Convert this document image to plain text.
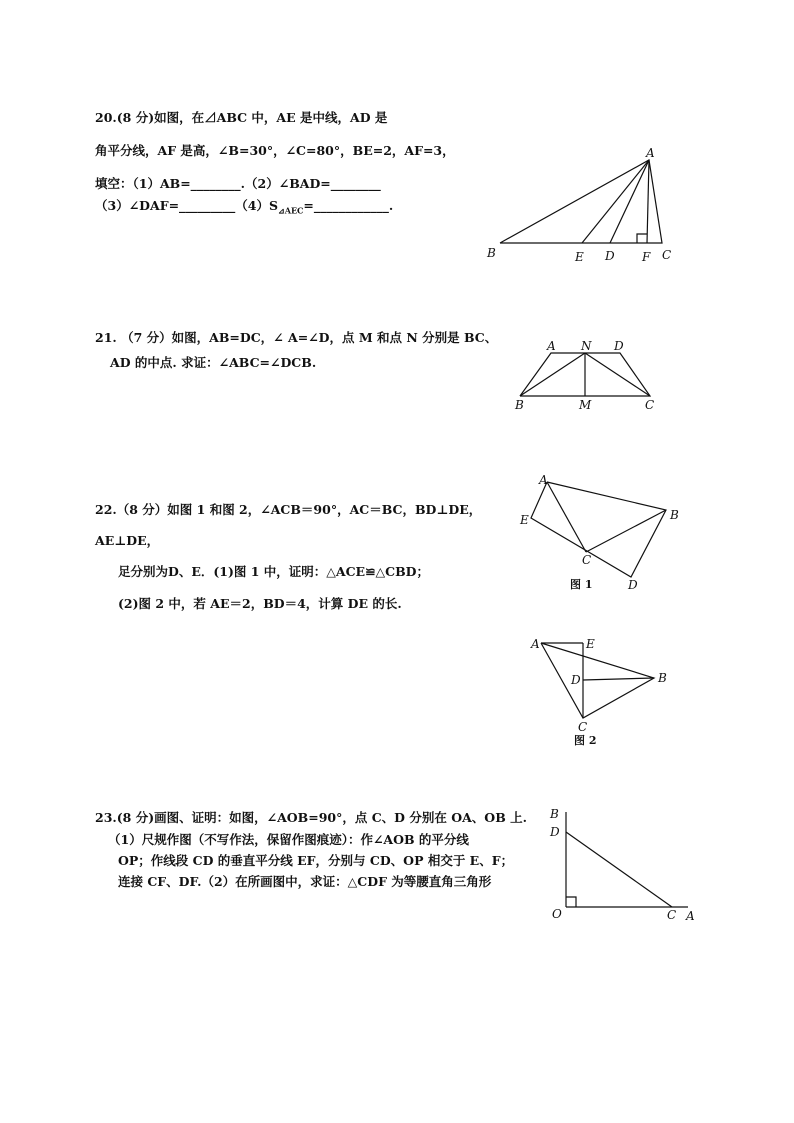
20.(8 分)如图，在⊿ABC 中，AE 是中线，AD 是
角平分线，AF 是高，∠B=30°，∠C=80°，BE=2，AF=3，
填空：（1）AB=________.（2）∠BAD=________
$(3)\angle DAF=\_\_\_\_\_\_\_\_\_(4)S_{⊿AEC}=\_\_\_\_\_\_\_\_\_\_\_\_$.
A
B	E D F C
21. （7 分）如图，AB=DC，∠ A=∠D，点 M 和点 N 分别是 BC、
AD 的中点. 求证：∠ABC=∠DCB.
A N D
B	M	C
22.（8 分）如图 1 和图 2，∠ACB＝90°，AC＝BC，BD⊥DE，
AE⊥DE，
足分别为D、E．(1)图 1 中，证明：△ACE≌△CBD；
(2)图 2 中，若 AE＝2，BD＝4，计算 DE 的长.
A
E	B
C
D
图 1
A	E
D	B
C
图 2
23.(8 分)画图、证明：如图，∠AOB=90°，点 C、D 分别在 OA、OB 上.
（1）尺规作图（不写作法，保留作图痕迹）：作∠AOB 的平分线
OP；作线段 CD 的垂直平分线 EF，分别与 CD、OP 相交于 E、F；
连接 CF、DF.（2）在所画图中，求证：△CDF 为等腰直角三角形
B
D
O	C A
